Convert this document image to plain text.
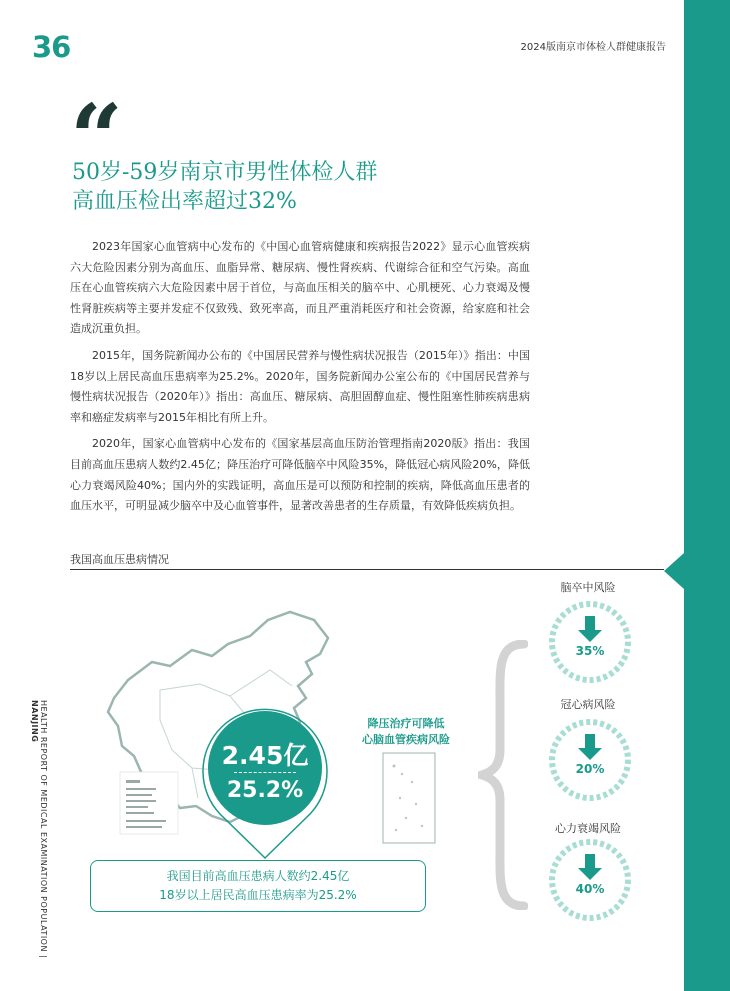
36	2024版南京市体检人群健康报告
“
50岁-59岁南京市男性体检人群
高血压检出率超过32%

2023年国家心血管病中心发布的《中国心血管病健康和疾病报告2022》显示心血管疾病六大危险因素分别为高血压、血脂异常、糖尿病、慢性肾疾病、代谢综合征和空气污染。高血压在心血管疾病六大危险因素中居于首位，与高血压相关的脑卒中、心肌梗死、心力衰竭及慢性肾脏疾病等主要并发症不仅致残、致死率高，而且严重消耗医疗和社会资源，给家庭和社会造成沉重负担。

2015年，国务院新闻办公布的《中国居民营养与慢性病状况报告（2015年）》指出：中国18岁以上居民高血压患病率为25.2%。2020年，国务院新闻办公室公布的《中国居民营养与慢性病状况报告（2020年）》指出：高血压、糖尿病、高胆固醇血症、慢性阻塞性肺疾病患病率和癌症发病率与2015年相比有所上升。

2020年，国家心血管病中心发布的《国家基层高血压防治管理指南2020版》指出：我国目前高血压患病人数约2.45亿；降压治疗可降低脑卒中风险35%，降低冠心病风险20%，降低心力衰竭风险40%；国内外的实践证明，高血压是可以预防和控制的疾病，降低高血压患者的血压水平，可明显减少脑卒中及心血管事件，显著改善患者的生存质量，有效降低疾病负担。

我国高血压患病情况
2.45亿
25.2%
降压治疗可降低
心脑血管疾病风险
我国目前高血压患病人数约2.45亿
18岁以上居民高血压患病率为25.2%
脑卒中风险
35%
冠心病风险
20%
心力衰竭风险
40%
HEALTH REPORT OF MEDICAL EXAMINATION POPULATION | NANJING
